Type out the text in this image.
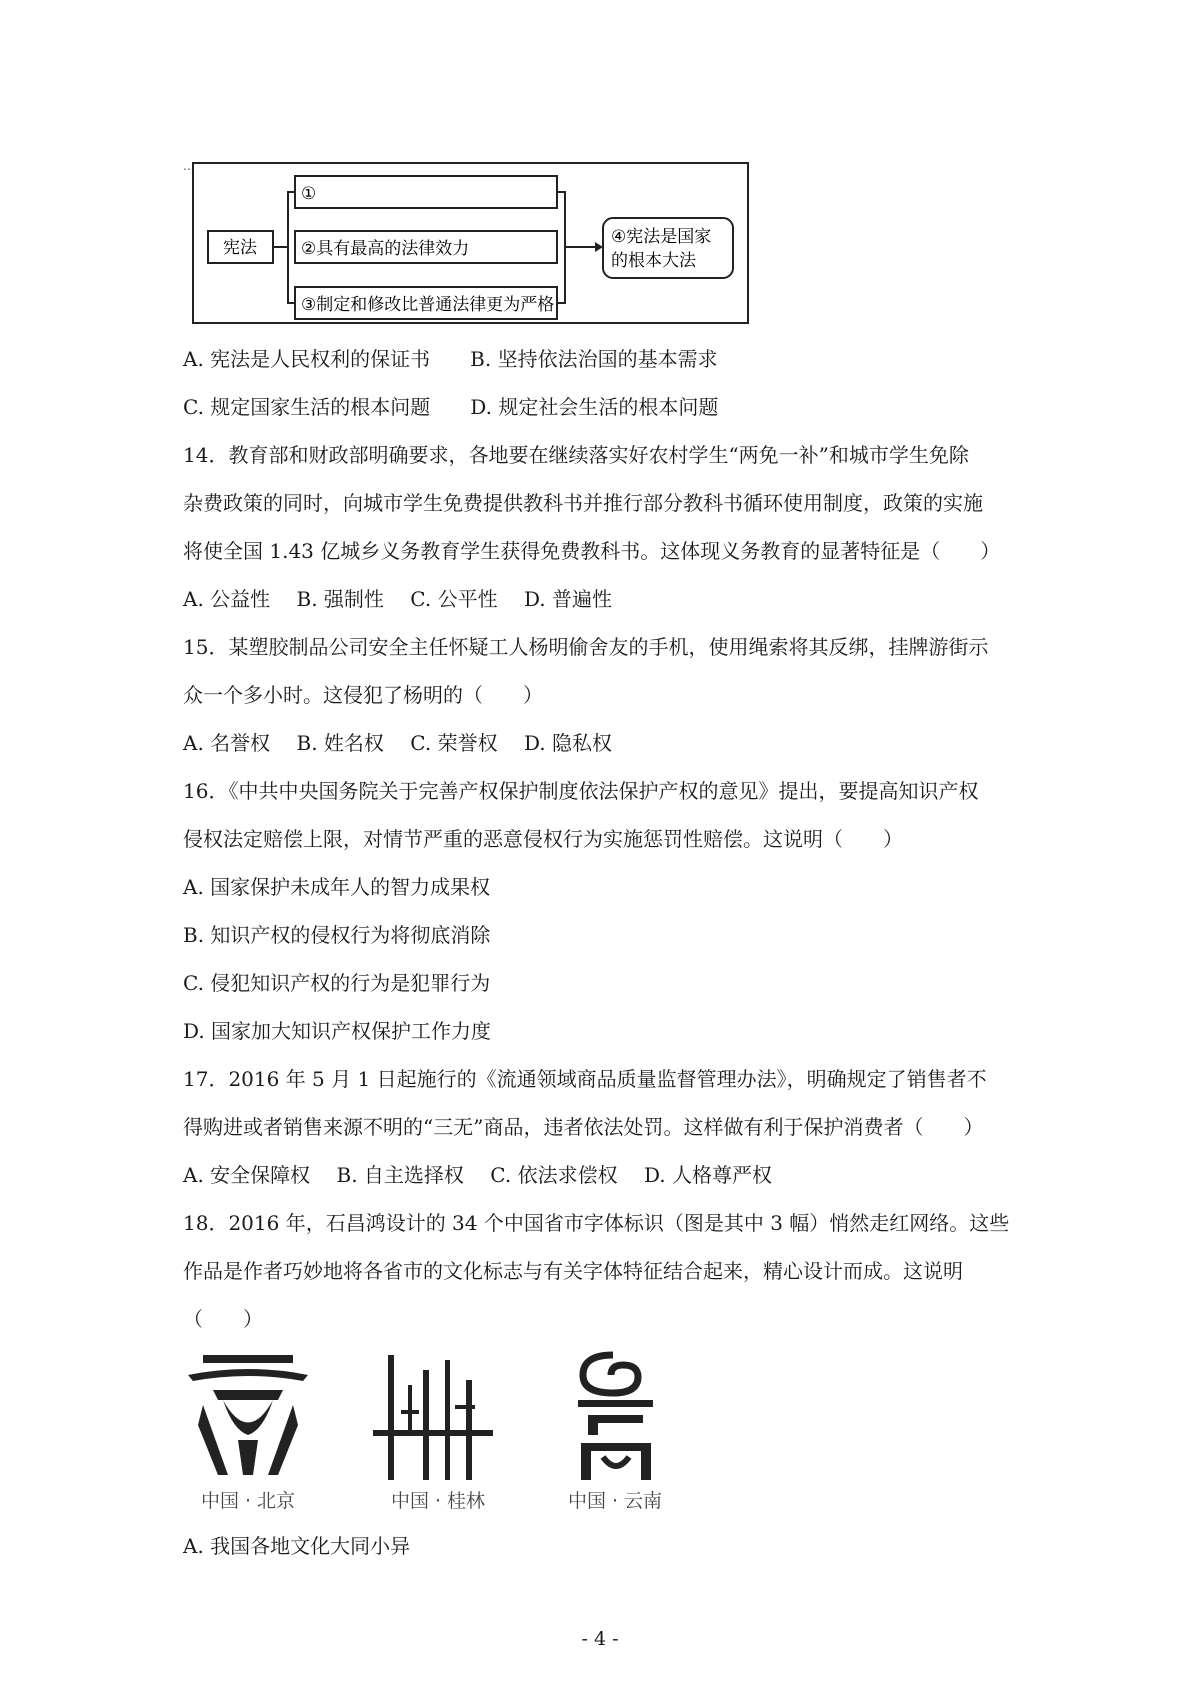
...
宪法
①
②具有最高的法律效力
③制定和修改比普通法律更为严格
④宪法是国家
的根本大法
A. 宪法是人民权利的保证书　　B. 坚持依法治国的基本需求
C. 规定国家生活的根本问题　　D. 规定社会生活的根本问题
14．教育部和财政部明确要求，各地要在继续落实好农村学生“两免一补”和城市学生免除
杂费政策的同时，向城市学生免费提供教科书并推行部分教科书循环使用制度，政策的实施
将使全国 1.43 亿城乡义务教育学生获得免费教科书。这体现义务教育的显著特征是（　　）
A. 公益性　 B. 强制性　 C. 公平性　 D. 普遍性
15．某塑胶制品公司安全主任怀疑工人杨明偷舍友的手机，使用绳索将其反绑，挂牌游街示
众一个多小时。这侵犯了杨明的（　　）
A. 名誉权　 B. 姓名权　 C. 荣誉权　 D. 隐私权
16．《中共中央国务院关于完善产权保护制度依法保护产权的意见》提出，要提高知识产权
侵权法定赔偿上限，对情节严重的恶意侵权行为实施惩罚性赔偿。这说明（　　）
A. 国家保护未成年人的智力成果权
B. 知识产权的侵权行为将彻底消除
C. 侵犯知识产权的行为是犯罪行为
D. 国家加大知识产权保护工作力度
17．2016 年 5 月 1 日起施行的《流通领域商品质量监督管理办法》，明确规定了销售者不
得购进或者销售来源不明的“三无”商品，违者依法处罚。这样做有利于保护消费者（　　）
A. 安全保障权　 B. 自主选择权　 C. 依法求偿权　 D. 人格尊严权
18．2016 年，石昌鸿设计的 34 个中国省市字体标识（图是其中 3 幅）悄然走红网络。这些
作品是作者巧妙地将各省市的文化标志与有关字体特征结合起来，精心设计而成。这说明
（　　）
中国 · 北京	中国 · 桂林	中国 · 云南
A. 我国各地文化大同小异
- 4 -
